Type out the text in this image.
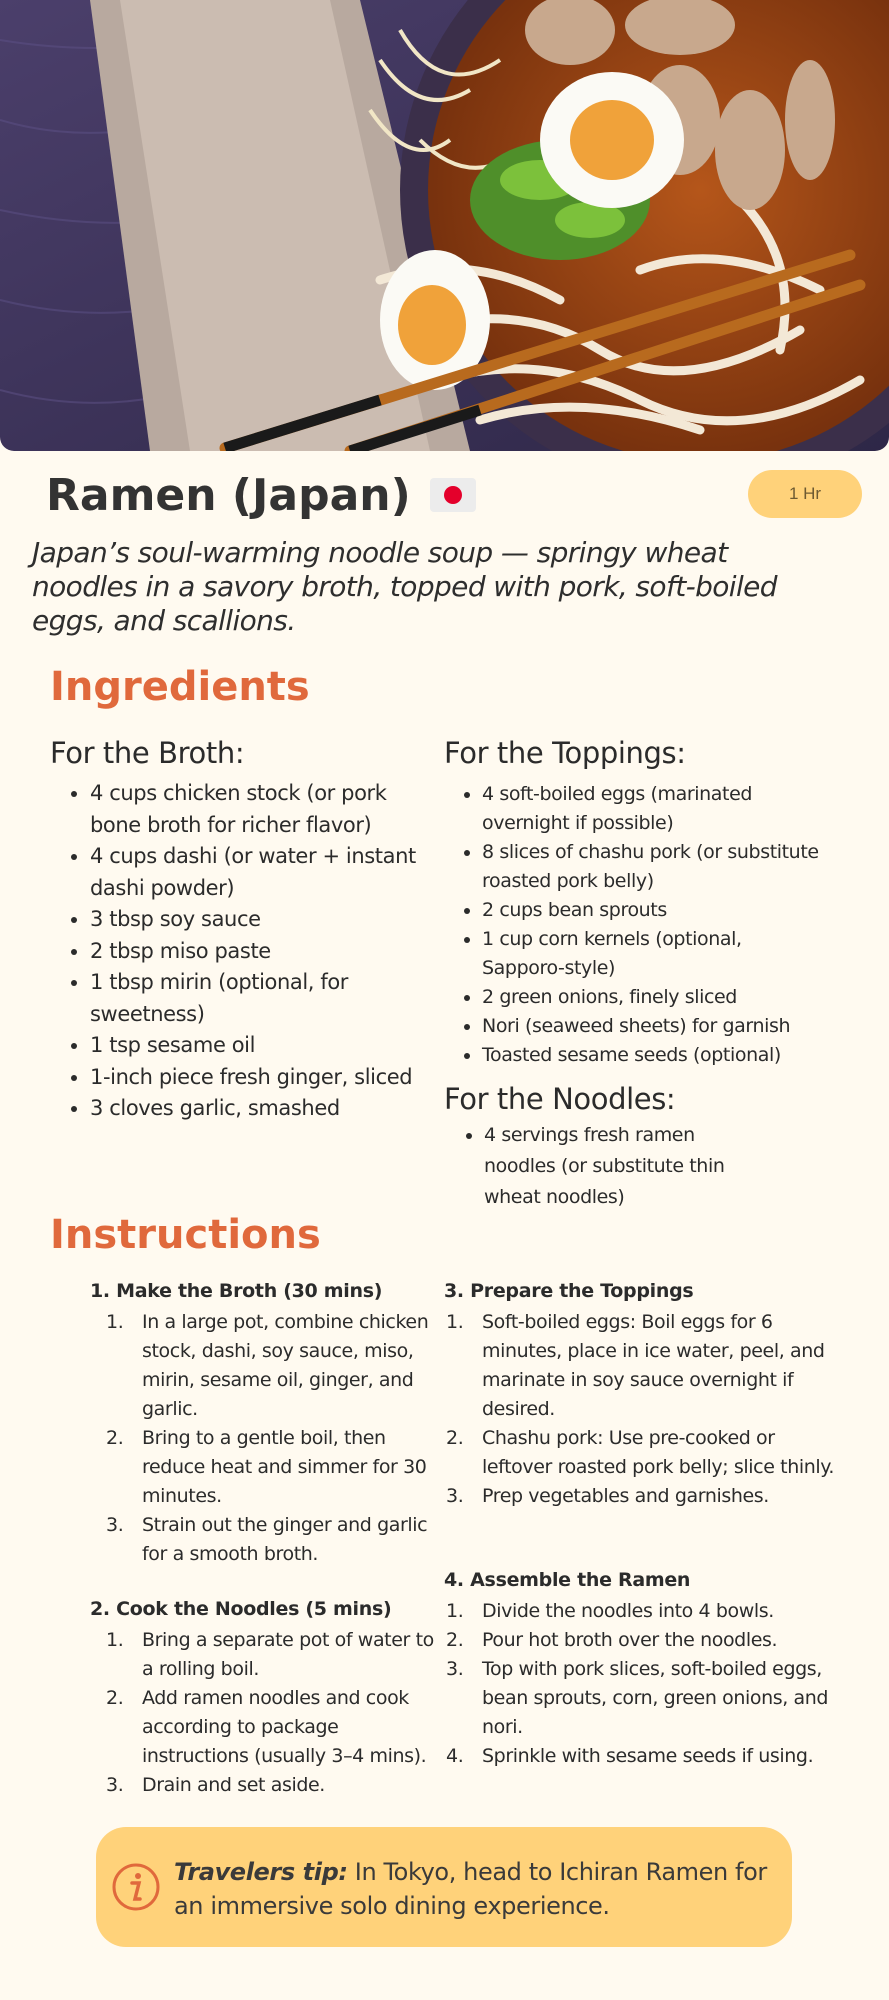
Ramen (Japan)	1 Hr
Japan’s soul-warming noodle soup — springy wheat noodles in a savory broth, topped with pork, soft-boiled eggs, and scallions.
Ingredients
For the Broth:
• 4 cups chicken stock (or pork bone broth for richer flavor)
• 4 cups dashi (or water + instant dashi powder)
• 3 tbsp soy sauce
• 2 tbsp miso paste
• 1 tbsp mirin (optional, for sweetness)
• 1 tsp sesame oil
• 1-inch piece fresh ginger, sliced
• 3 cloves garlic, smashed
For the Toppings:
• 4 soft-boiled eggs (marinated overnight if possible)
• 8 slices of chashu pork (or substitute roasted pork belly)
• 2 cups bean sprouts
• 1 cup corn kernels (optional, Sapporo-style)
• 2 green onions, finely sliced
• Nori (seaweed sheets) for garnish
• Toasted sesame seeds (optional)
For the Noodles:
• 4 servings fresh ramen noodles (or substitute thin wheat noodles)
Instructions
1. Make the Broth (30 mins)
In a large pot, combine chicken stock, dashi, soy sauce, miso, mirin, sesame oil, ginger, and garlic.
Bring to a gentle boil, then reduce heat and simmer for 30 minutes.
Strain out the ginger and garlic for a smooth broth.
2. Cook the Noodles (5 mins)
Bring a separate pot of water to a rolling boil.
Add ramen noodles and cook according to package instructions (usually 3–4 mins).
Drain and set aside.
3. Prepare the Toppings
Soft-boiled eggs: Boil eggs for 6 minutes, place in ice water, peel, and marinate in soy sauce overnight if desired.
Chashu pork: Use pre-cooked or leftover roasted pork belly; slice thinly.
Prep vegetables and garnishes.
4. Assemble the Ramen
Divide the noodles into 4 bowls.
Pour hot broth over the noodles.
Top with pork slices, soft-boiled eggs, bean sprouts, corn, green onions, and nori.
Sprinkle with sesame seeds if using.
Travelers tip: In Tokyo, head to Ichiran Ramen for an immersive solo dining experience.
